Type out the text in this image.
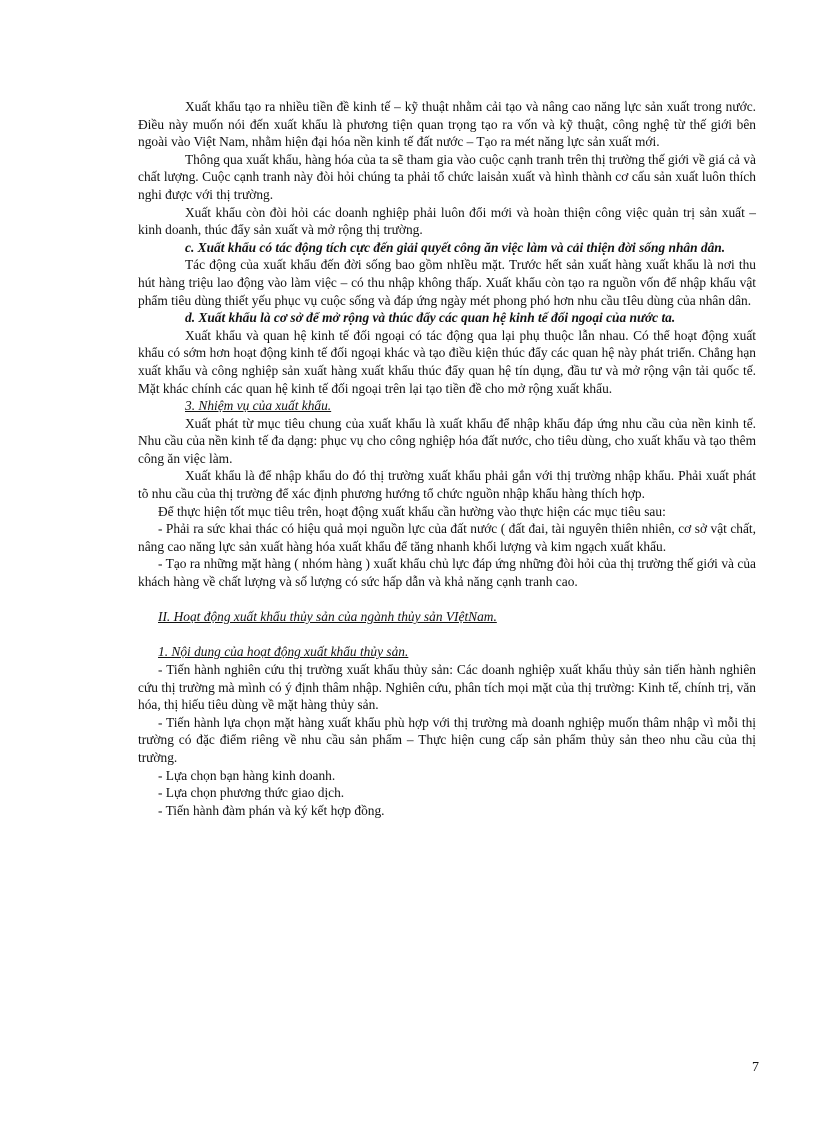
Xuất khẩu tạo ra nhiều tiền đề kinh tế – kỹ thuật nhằm cải tạo và nâng cao năng lực sản xuất trong nước. Điều này muốn nói đến xuất khẩu là phương tiện quan trọng tạo ra vốn và kỹ thuật, công nghệ từ thế giới bên ngoài vào Việt Nam, nhằm hiện đại hóa nền kinh tế đất nước – Tạo ra mét năng lực sản xuất mới.

Thông qua xuất khẩu, hàng hóa của ta sẽ tham gia vào cuộc cạnh tranh trên thị trường thế giới về giá cả và chất lượng. Cuộc cạnh tranh này đòi hỏi chúng ta phải tổ chức laisản xuất và hình thành cơ cấu sản xuất luôn thích nghi được với thị trường.

Xuất khẩu còn đòi hỏi các doanh nghiệp phải luôn đổi mới và hoàn thiện công việc quản trị sản xuất – kinh doanh, thúc đẩy sản xuất và mở rộng thị trường.

c. Xuất khẩu có tác động tích cực đến giải quyết công ăn việc làm và cải thiện đời sống nhân dân.

Tác động của xuất khẩu đến đời sống bao gồm nhIều mặt. Trước hết sản xuất hàng xuất khẩu là nơi thu hút hàng triệu lao động vào làm việc – có thu nhập không thấp. Xuất khẩu còn tạo ra nguồn vốn để nhập khẩu vật phẩm tiêu dùng thiết yếu phục vụ cuộc sống và đáp ứng ngày mét phong phó hơn nhu cầu tIêu dùng của nhân dân.

d. Xuất khẩu là cơ sở để mở rộng và thúc đẩy các quan hệ kinh tế đối ngoại của nước ta.

Xuất khẩu và quan hệ kinh tế đối ngoại có tác động qua lại phụ thuộc lẫn nhau. Có thể hoạt động xuất khẩu có sớm hơn hoạt động kinh tế đối ngoại khác và tạo điều kiện thúc đẩy các quan hệ này phát triển. Chẳng hạn xuất khẩu và công nghiệp sản xuất hàng xuất khẩu thúc đẩy quan hệ tín dụng, đầu tư và mở rộng vận tải quốc tế. Mặt khác chính các quan hệ kinh tế đối ngoại trên lại tạo tiền đề cho mở rộng xuất khẩu.

3. Nhiệm vụ của xuất khẩu.

Xuất phát từ mục tiêu chung của xuất khẩu là xuất khẩu để nhập khẩu đáp ứng nhu cầu của nền kinh tế. Nhu cầu của nền kinh tế đa dạng: phục vụ cho công nghiệp hóa đất nước, cho tiêu dùng, cho xuất khẩu và tạo thêm công ăn việc làm.

Xuất khẩu là để nhập khẩu do đó thị trường xuất khẩu phải gắn với thị trường nhập khẩu. Phải xuất phát tõ nhu cầu của thị trường để xác định phương hướng tổ chức nguồn nhập khẩu hàng thích hợp.

Để thực hiện tốt mục tiêu trên, hoạt động xuất khẩu cần hường vào thực hiện các mục tiêu sau:

- Phải ra sức khai thác có hiệu quả mọi nguồn lực của đất nước ( đất đai, tài nguyên thiên nhiên, cơ sở vật chất, nâng cao năng lực sản xuất hàng hóa xuất khẩu để tăng nhanh khối lượng và kim ngạch xuất khẩu.

- Tạo ra những mặt hàng ( nhóm hàng ) xuất khẩu chủ lực đáp ứng những đòi hỏi của thị trường thế giới và của khách hàng về chất lượng và số lượng có sức hấp dẫn và khả năng cạnh tranh cao.

II. Hoạt động xuất khẩu thủy sản của ngành thủy sản VIệtNam.

1. Nội dung của hoạt động xuất khẩu thủy sản.

- Tiến hành nghiên cứu thị trường xuất khẩu thủy sản: Các doanh nghiệp xuất khẩu thủy sản tiến hành nghiên cứu thị trường mà mình có ý định thâm nhập. Nghiên cứu, phân tích mọi mặt của thị trường: Kinh tế, chính trị, văn hóa, thị hiếu tiêu dùng về mặt hàng thủy sản.

- Tiến hành lựa chọn mặt hàng xuất khẩu phù hợp với thị trường mà doanh nghiệp muốn thâm nhập vì mỗi thị trường có đặc điểm riêng về nhu cầu sản phẩm – Thực hiện cung cấp sản phẩm thủy sản theo nhu cầu của thị trường.

- Lựa chọn bạn hàng kinh doanh.

- Lựa chọn phương thức giao dịch.

- Tiến hành đàm phán và ký kết hợp đồng.

7
